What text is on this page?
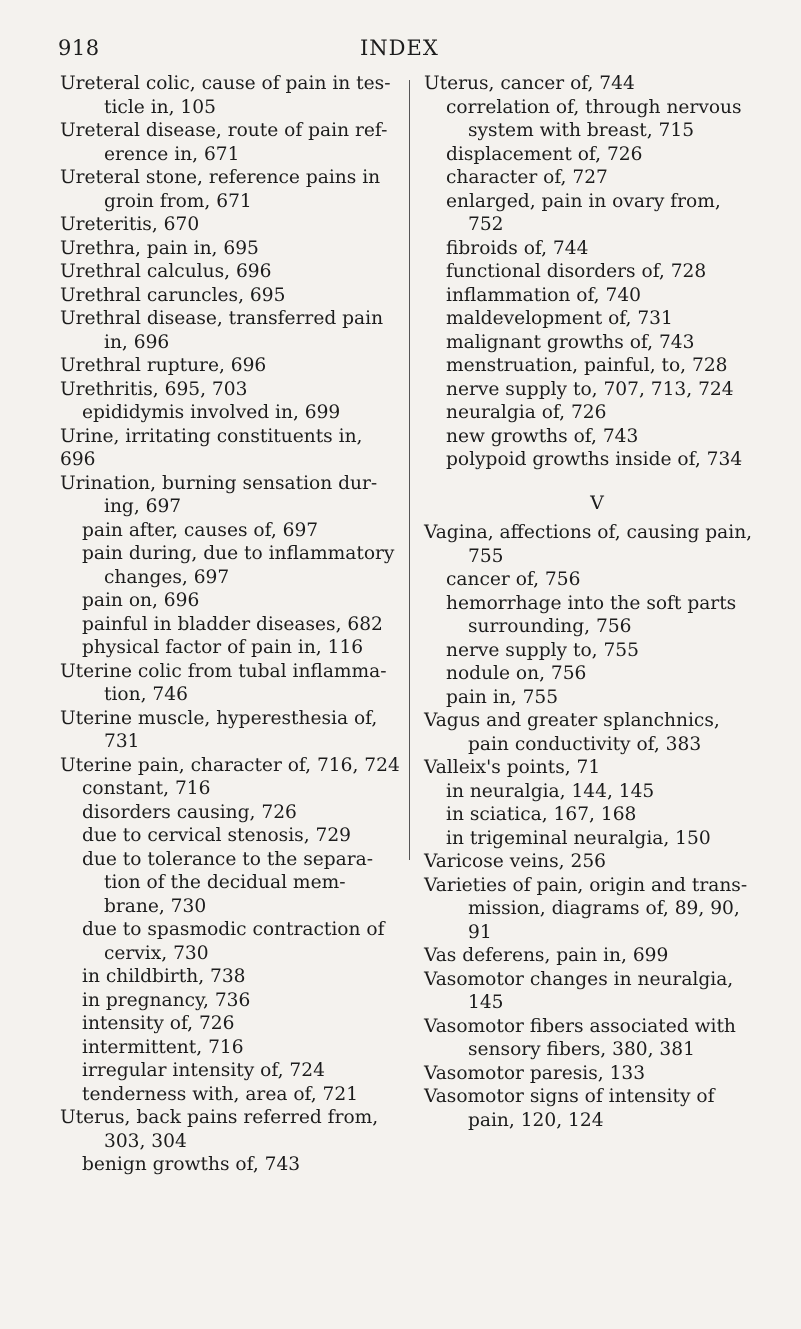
918	INDEX
Ureteral colic, cause of pain in tes-
ticle in, 105
Ureteral disease, route of pain ref-
erence in, 671
Ureteral stone, reference pains in
groin from, 671
Ureteritis, 670
Urethra, pain in, 695
Urethral calculus, 696
Urethral caruncles, 695
Urethral disease, transferred pain
in, 696
Urethral rupture, 696
Urethritis, 695, 703
epididymis involved in, 699
Urine, irritating constituents in, 696
Urination, burning sensation dur-
ing, 697
pain after, causes of, 697
pain during, due to inflammatory
changes, 697
pain on, 696
painful in bladder diseases, 682
physical factor of pain in, 116
Uterine colic from tubal inflamma-
tion, 746
Uterine muscle, hyperesthesia of,
731
Uterine pain, character of, 716, 724
constant, 716
disorders causing, 726
due to cervical stenosis, 729
due to tolerance to the separa-
tion of the decidual mem-
brane, 730
due to spasmodic contraction of
cervix, 730
in childbirth, 738
in pregnancy, 736
intensity of, 726
intermittent, 716
irregular intensity of, 724
tenderness with, area of, 721
Uterus, back pains referred from,
303, 304
benign growths of, 743
Uterus, cancer of, 744
correlation of, through nervous
system with breast, 715
displacement of, 726
character of, 727
enlarged, pain in ovary from,
752
fibroids of, 744
functional disorders of, 728
inflammation of, 740
maldevelopment of, 731
malignant growths of, 743
menstruation, painful, to, 728
nerve supply to, 707, 713, 724
neuralgia of, 726
new growths of, 743
polypoid growths inside of, 734
V
Vagina, affections of, causing pain,
755
cancer of, 756
hemorrhage into the soft parts
surrounding, 756
nerve supply to, 755
nodule on, 756
pain in, 755
Vagus and greater splanchnics,
pain conductivity of, 383
Valleix's points, 71
in neuralgia, 144, 145
in sciatica, 167, 168
in trigeminal neuralgia, 150
Varicose veins, 256
Varieties of pain, origin and trans-
mission, diagrams of, 89, 90,
91
Vas deferens, pain in, 699
Vasomotor changes in neuralgia,
145
Vasomotor fibers associated with
sensory fibers, 380, 381
Vasomotor paresis, 133
Vasomotor signs of intensity of
pain, 120, 124
